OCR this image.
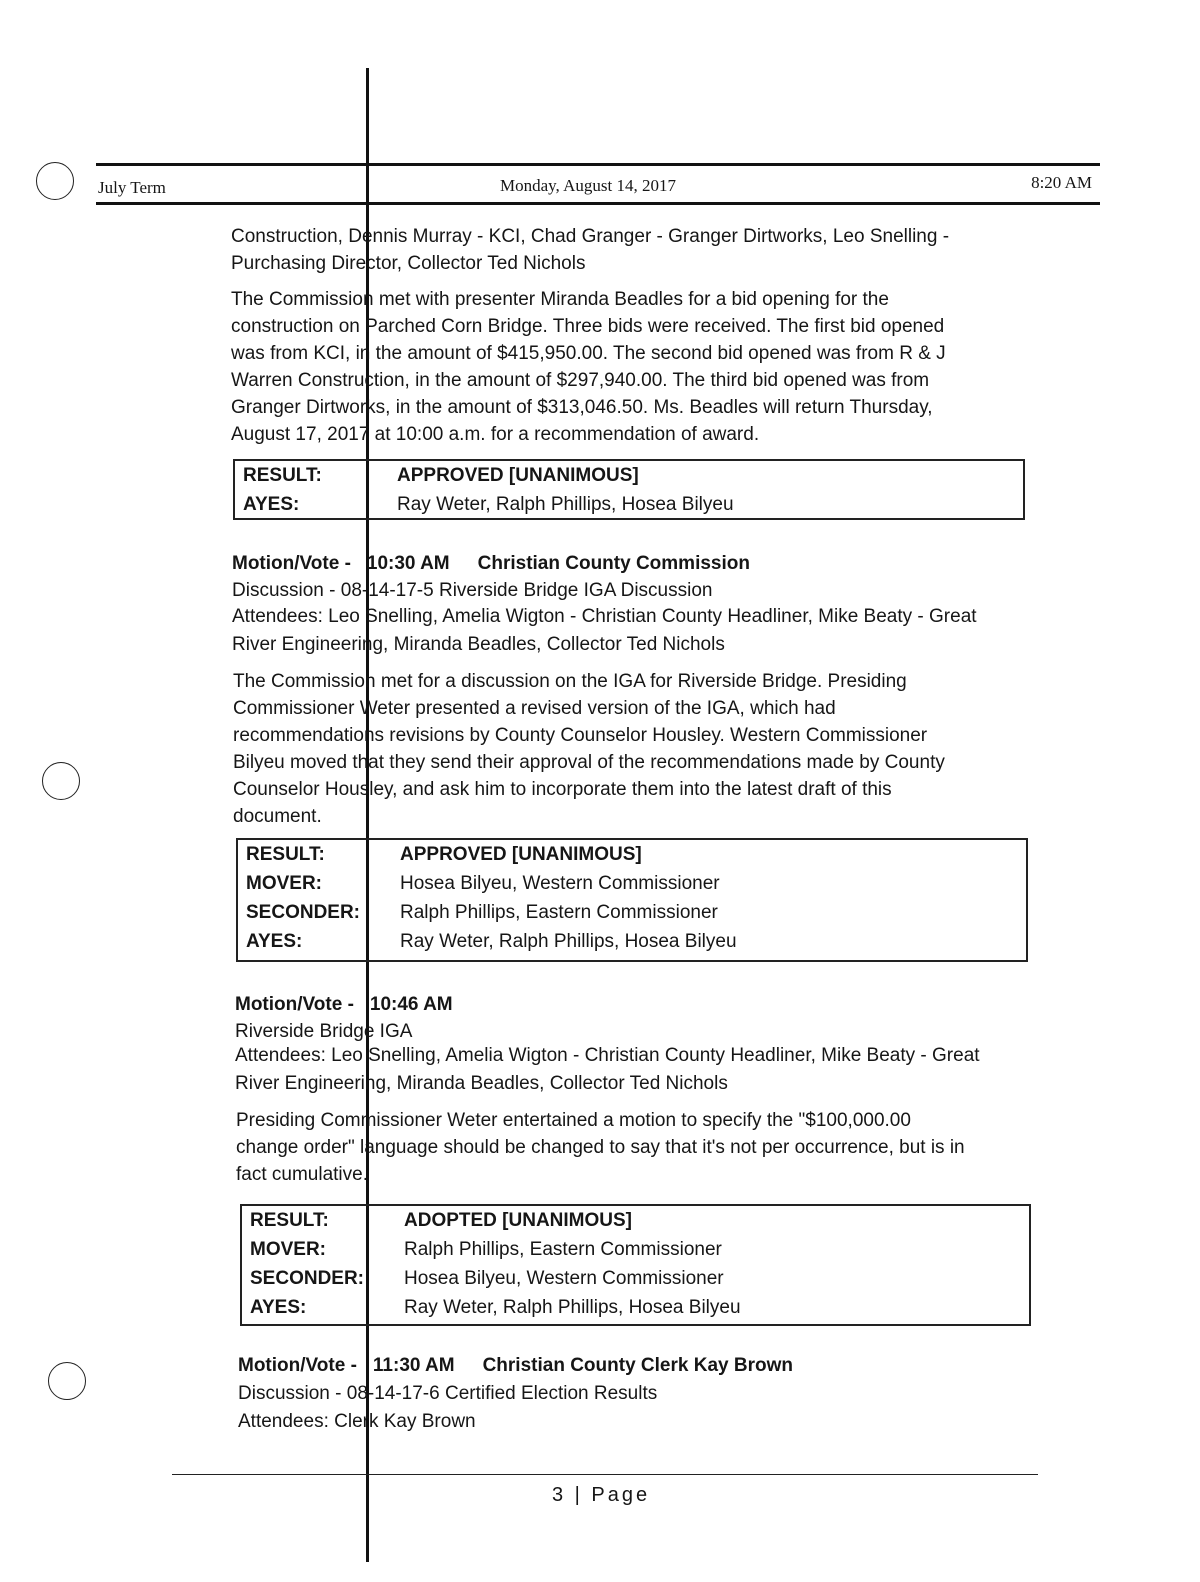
July Term	Monday, August 14, 2017	8:20 AM
Construction, Dennis Murray - KCI, Chad Granger - Granger Dirtworks, Leo Snelling -
Purchasing Director, Collector Ted Nichols
The Commission met with presenter Miranda Beadles for a bid opening for the
construction on Parched Corn Bridge. Three bids were received. The first bid opened
was from KCI, in the amount of $415,950.00. The second bid opened was from R & J
Warren Construction, in the amount of $297,940.00. The third bid opened was from
Granger Dirtworks, in the amount of $313,046.50. Ms. Beadles will return Thursday,
August 17, 2017 at 10:00 a.m. for a recommendation of award.
RESULT:	APPROVED [UNANIMOUS]
AYES:	Ray Weter, Ralph Phillips, Hosea Bilyeu
Motion/Vote - 10:30 AM Christian County Commission
Discussion - 08-14-17-5 Riverside Bridge IGA Discussion
Attendees: Leo Snelling, Amelia Wigton - Christian County Headliner, Mike Beaty - Great
River Engineering, Miranda Beadles, Collector Ted Nichols
The Commission met for a discussion on the IGA for Riverside Bridge. Presiding
Commissioner Weter presented a revised version of the IGA, which had
recommendations revisions by County Counselor Housley. Western Commissioner
Bilyeu moved that they send their approval of the recommendations made by County
Counselor Housley, and ask him to incorporate them into the latest draft of this
document.
RESULT:	APPROVED [UNANIMOUS]
MOVER:	Hosea Bilyeu, Western Commissioner
SECONDER: Ralph Phillips, Eastern Commissioner
AYES:	Ray Weter, Ralph Phillips, Hosea Bilyeu
Motion/Vote - 10:46 AM
Riverside Bridge IGA
Attendees: Leo Snelling, Amelia Wigton - Christian County Headliner, Mike Beaty - Great
River Engineering, Miranda Beadles, Collector Ted Nichols
Presiding Commissioner Weter entertained a motion to specify the "$100,000.00
change order" language should be changed to say that it's not per occurrence, but is in
fact cumulative.
RESULT:	ADOPTED [UNANIMOUS]
MOVER:	Ralph Phillips, Eastern Commissioner
SECONDER: Hosea Bilyeu, Western Commissioner
AYES:	Ray Weter, Ralph Phillips, Hosea Bilyeu
Motion/Vote - 11:30 AM Christian County Clerk Kay Brown
Discussion - 08-14-17-6 Certified Election Results
Attendees: Clerk Kay Brown
3 | Page
